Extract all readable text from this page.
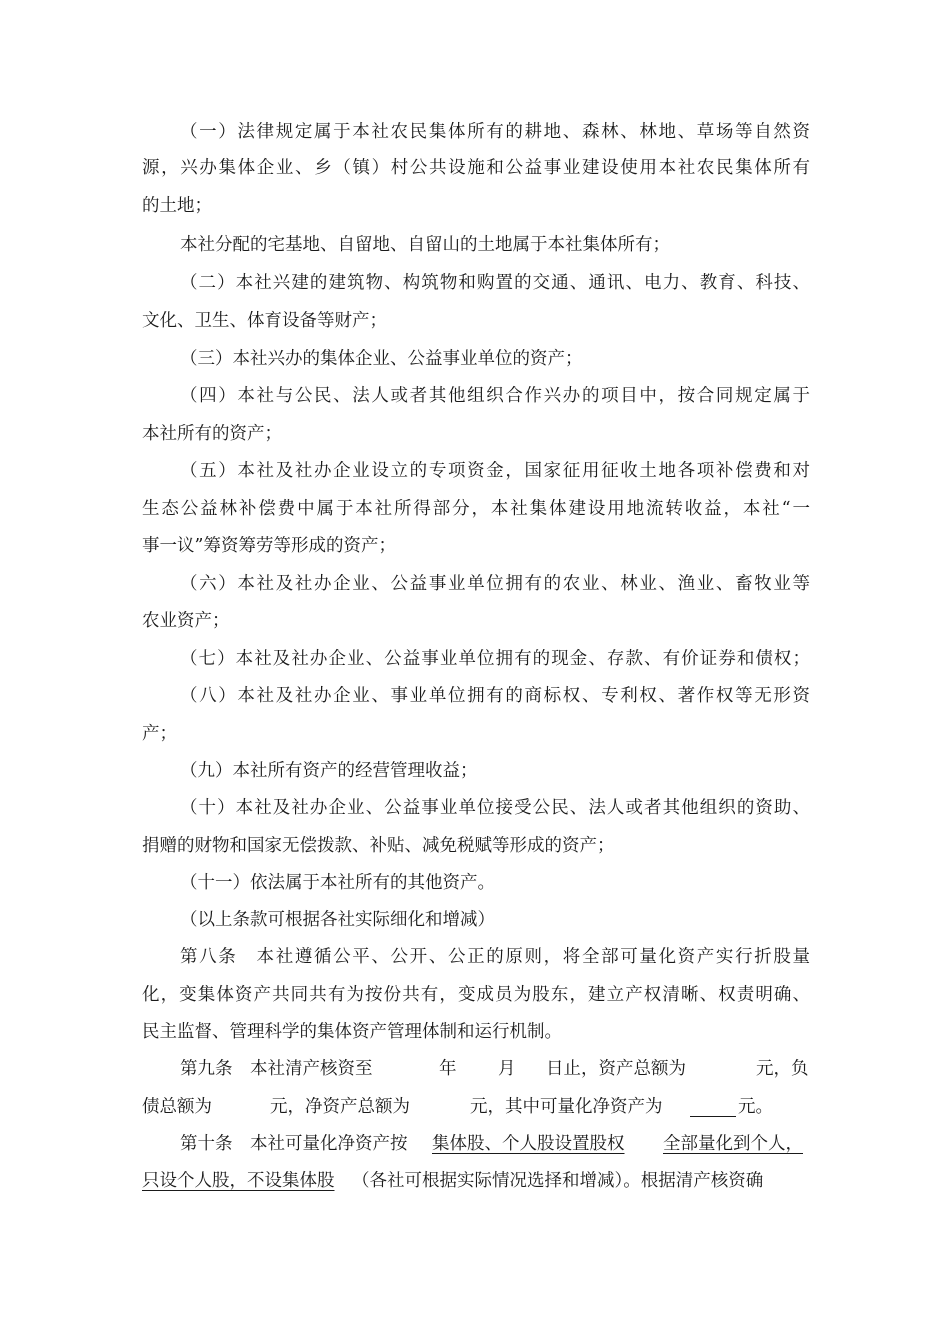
（一）法律规定属于本社农民集体所有的耕地、森林、林地、草场等自然资
源，兴办集体企业、乡（镇）村公共设施和公益事业建设使用本社农民集体所有
的土地；
本社分配的宅基地、自留地、自留山的土地属于本社集体所有；
（二）本社兴建的建筑物、构筑物和购置的交通、通讯、电力、教育、科技、
文化、卫生、体育设备等财产；
（三）本社兴办的集体企业、公益事业单位的资产；
（四）本社与公民、法人或者其他组织合作兴办的项目中，按合同规定属于
本社所有的资产；
（五）本社及社办企业设立的专项资金，国家征用征收土地各项补偿费和对
生态公益林补偿费中属于本社所得部分，本社集体建设用地流转收益，本社“一
事一议”筹资筹劳等形成的资产；
（六）本社及社办企业、公益事业单位拥有的农业、林业、渔业、畜牧业等
农业资产；
（七）本社及社办企业、公益事业单位拥有的现金、存款、有价证券和债权；
（八）本社及社办企业、事业单位拥有的商标权、专利权、著作权等无形资
产；
（九）本社所有资产的经营管理收益；
（十）本社及社办企业、公益事业单位接受公民、法人或者其他组织的资助、
捐赠的财物和国家无偿拨款、补贴、减免税赋等形成的资产；
（十一）依法属于本社所有的其他资产。
（以上条款可根据各社实际细化和增减）
第八条　本社遵循公平、公开、公正的原则，将全部可量化资产实行折股量
化，变集体资产共同共有为按份共有，变成员为股东，建立产权清晰、权责明确、
民主监督、管理科学的集体资产管理体制和运行机制。
第九条　本社清产核资至	年 月 日止，资产总额为	元，负
债总额为	元，净资产总额为	元，其中可量化净资产为	元。
第十条　本社可量化净资产按 集体股、个人股设置股权 全部量化到个人，
只设个人股，不设集体股 （各社可根据实际情况选择和增减）。根据清产核资确
